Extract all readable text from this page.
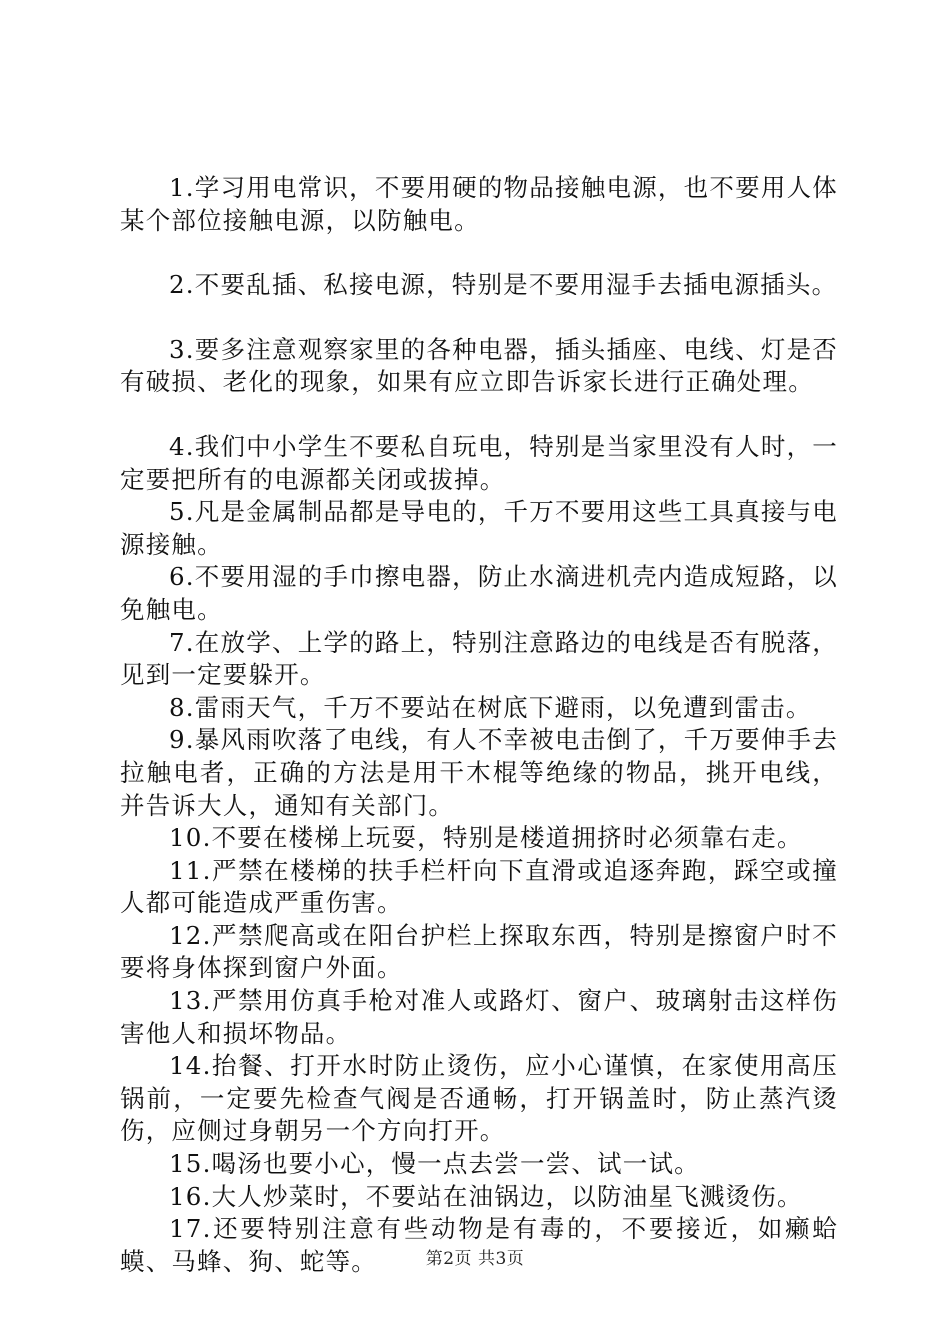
1.学习用电常识，不要用硬的物品接触电源，也不要用人体某个部位接触电源，以防触电。

2.不要乱插、私接电源，特别是不要用湿手去插电源插头。

3.要多注意观察家里的各种电器，插头插座、电线、灯是否有破损、老化的现象，如果有应立即告诉家长进行正确处理。

4.我们中小学生不要私自玩电，特别是当家里没有人时，一定要把所有的电源都关闭或拔掉。

5.凡是金属制品都是导电的，千万不要用这些工具真接与电源接触。

6.不要用湿的手巾擦电器，防止水滴进机壳内造成短路，以免触电。

7.在放学、上学的路上，特别注意路边的电线是否有脱落，见到一定要躲开。

8.雷雨天气，千万不要站在树底下避雨，以免遭到雷击。

9.暴风雨吹落了电线，有人不幸被电击倒了，千万要伸手去拉触电者，正确的方法是用干木棍等绝缘的物品，挑开电线，并告诉大人，通知有关部门。

10.不要在楼梯上玩耍，特别是楼道拥挤时必须靠右走。

11.严禁在楼梯的扶手栏杆向下直滑或追逐奔跑，踩空或撞人都可能造成严重伤害。

12.严禁爬高或在阳台护栏上探取东西，特别是擦窗户时不要将身体探到窗户外面。

13.严禁用仿真手枪对准人或路灯、窗户、玻璃射击这样伤害他人和损坏物品。

14.抬餐、打开水时防止烫伤，应小心谨慎，在家使用高压锅前，一定要先检查气阀是否通畅，打开锅盖时，防止蒸汽烫伤，应侧过身朝另一个方向打开。

15.喝汤也要小心，慢一点去尝一尝、试一试。

16.大人炒菜时，不要站在油锅边，以防油星飞溅烫伤。

17.还要特别注意有些动物是有毒的，不要接近，如癞蛤蟆、马蜂、狗、蛇等。	第2页 共3页
